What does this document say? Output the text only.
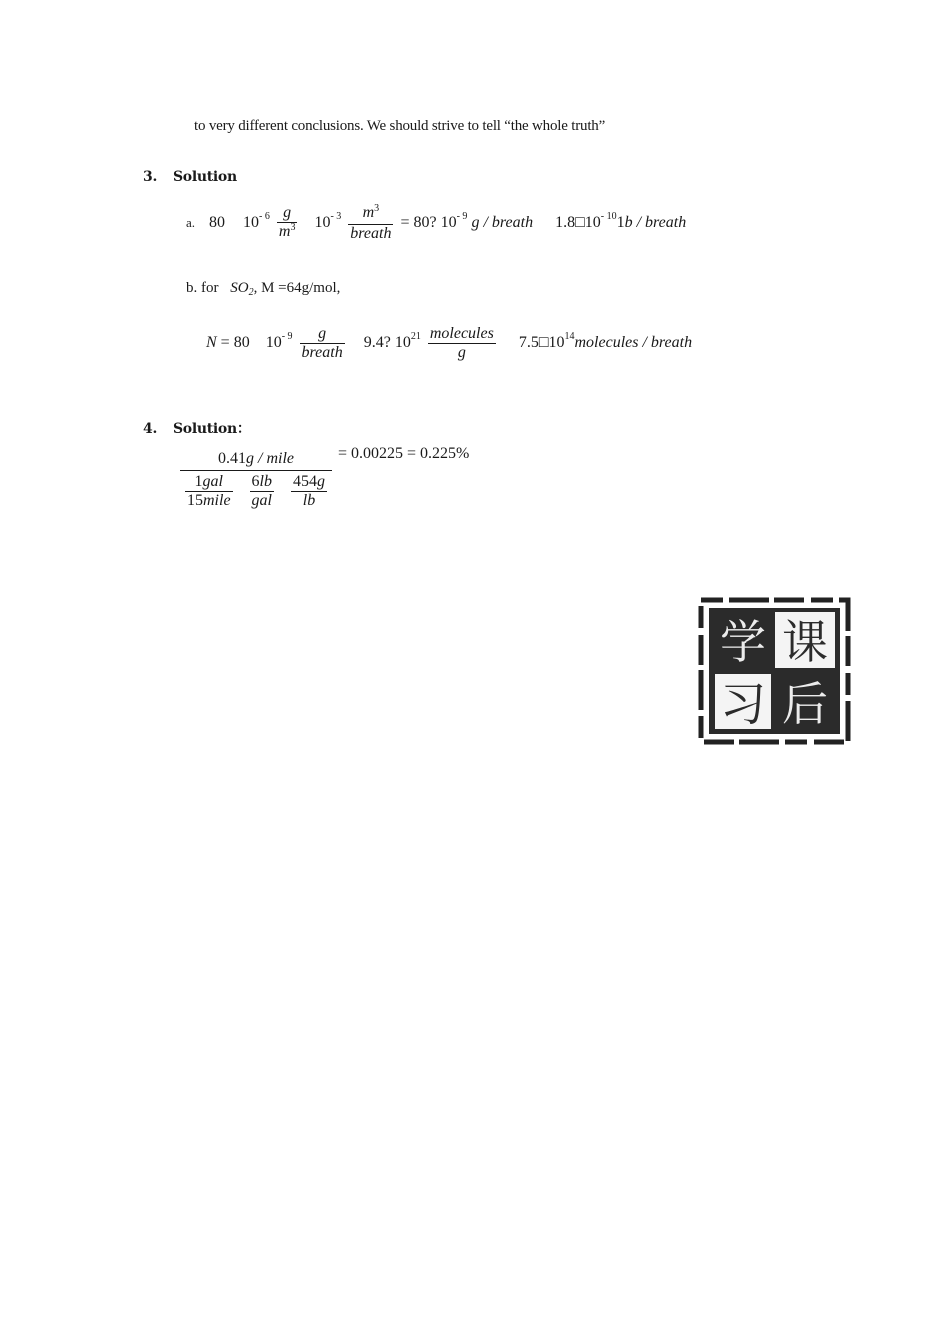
to very different conclusions. We should strive to tell “the whole truth”
3. Solution
a. 80 $10^{- 6} \frac{g}{m^3} 10^{- 3} \frac{m^3}{\text{breath}} = 80$? $10^{- 9}$ g / breath $1.8□10^{- 10}1b$ / breath
b. for $SO_2$, M =64g/mol,
N = 80 $10^{- 9} \frac{g}{\text{breath}} 9.4$? $10^{21} \frac{\text{molecules}}{g}$ $7.5□10^{14}molecules$ / breath
4. Solution：
0.41g / mile
$\frac{\text{1gal}}{\text{15mile}}$
$\frac{6lb}{\text{gal}}$
$\frac{454g}{lb}$
= 0.00225 = 0.225%
学 课
习 后
